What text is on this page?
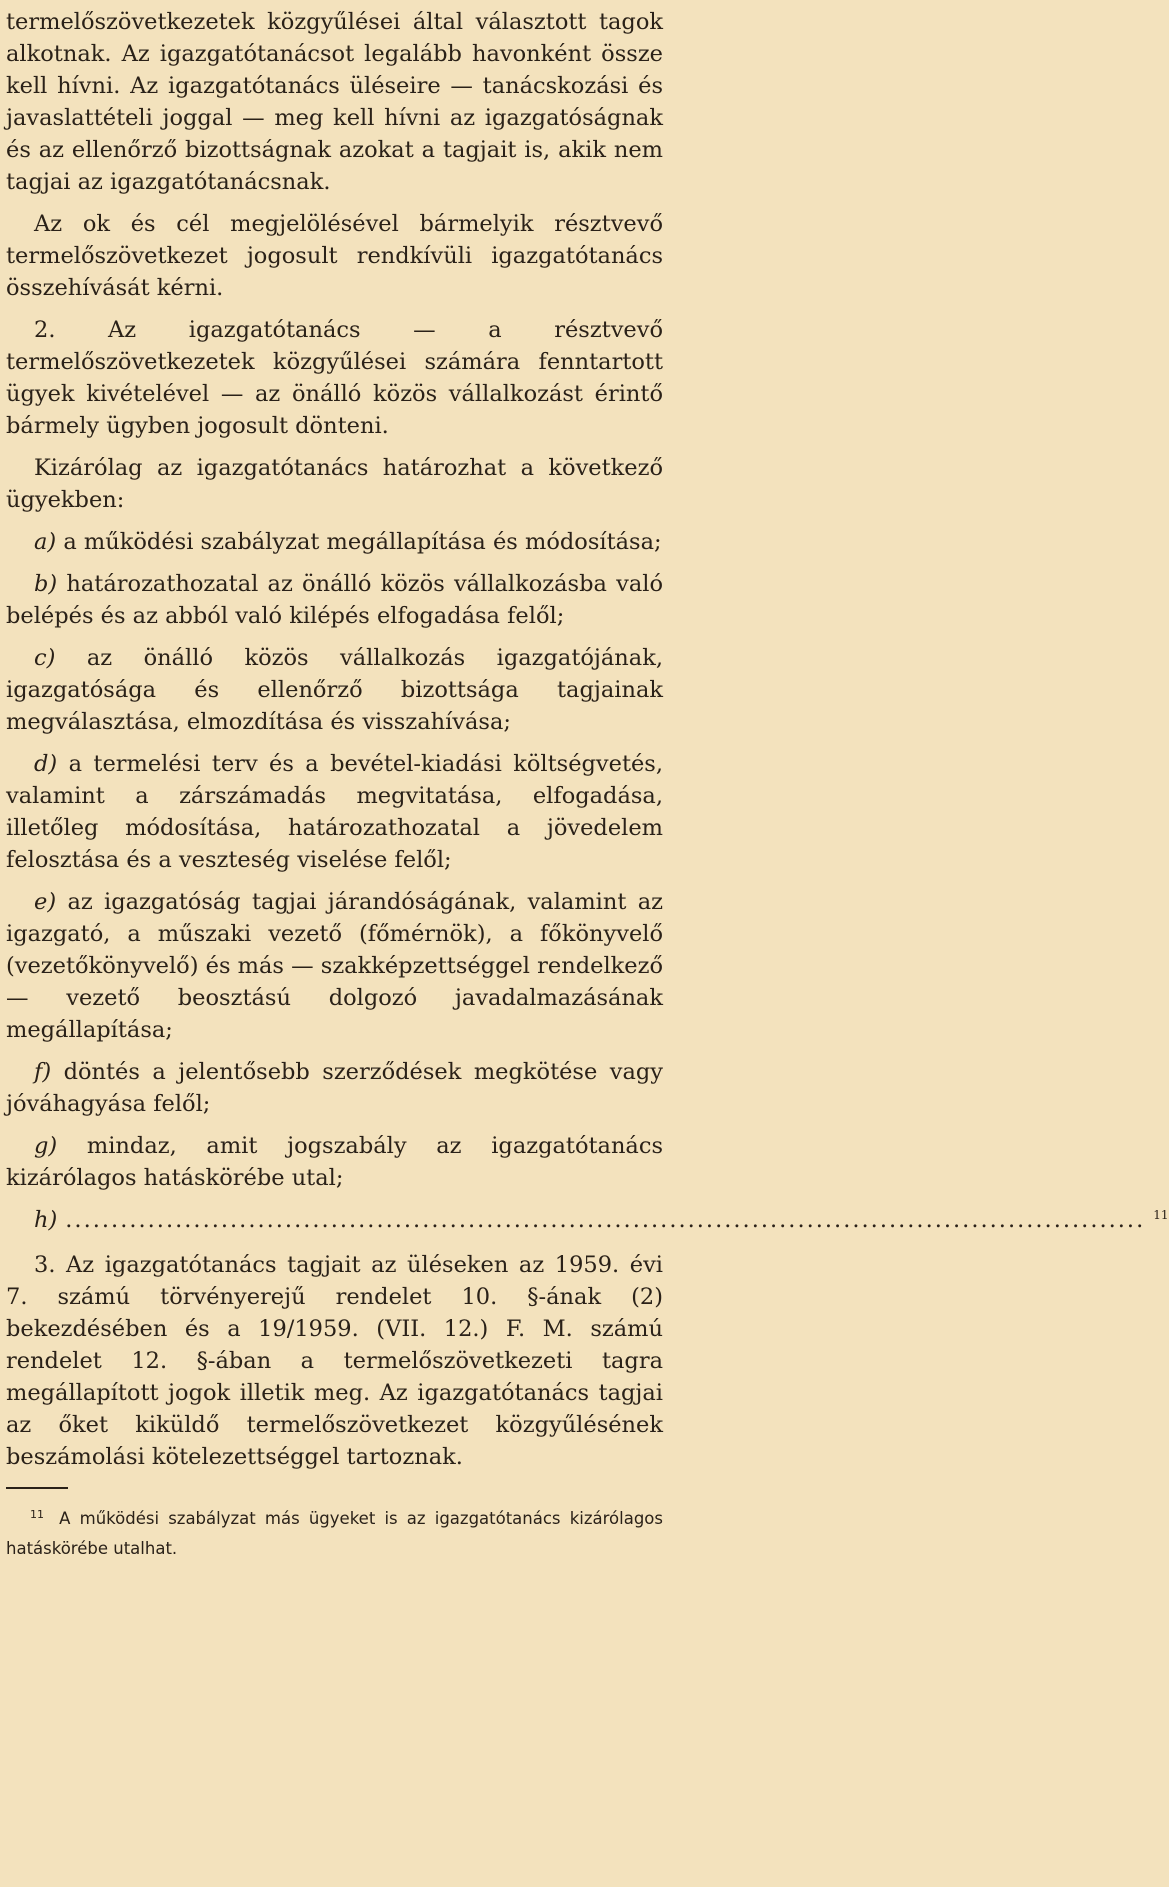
termelőszövetkezetek közgyűlései által választott tagok alkotnak. Az igazgatótanácsot legalább havonként össze kell hívni. Az igazgatótanács üléseire — tanácskozási és javaslattételi joggal — meg kell hívni az igazgatóságnak és az ellenőrző bizottságnak azokat a tagjait is, akik nem tagjai az igazgatótanácsnak.

Az ok és cél megjelölésével bármelyik résztvevő termelőszövetkezet jogosult rendkívüli igazgatótanács összehívását kérni.

2. Az igazgatótanács — a résztvevő termelőszövetkezetek közgyűlései számára fenntartott ügyek kivételével — az önálló közös vállalkozást érintő bármely ügyben jogosult dönteni.

Kizárólag az igazgatótanács határozhat a következő ügyekben:

a) a működési szabályzat megállapítása és módosítása;

b) határozathozatal az önálló közös vállalkozásba való belépés és az abból való kilépés elfogadása felől;

c) az önálló közös vállalkozás igazgatójának, igazgatósága és ellenőrző bizottsága tagjainak megválasztása, elmozdítása és visszahívása;

d) a termelési terv és a bevétel-kiadási költségvetés, valamint a zárszámadás megvitatása, elfogadása, illetőleg módosítása, határozathozatal a jövedelem felosztása és a veszteség viselése felől;

e) az igazgatóság tagjai járandóságának, valamint az igazgató, a műszaki vezető (főmérnök), a főkönyvelő (vezetőkönyvelő) és más — szakképzettséggel rendelkező — vezető beosztású dolgozó javadalmazásának megállapítása;

f) döntés a jelentősebb szerződések megkötése vagy jóváhagyása felől;

g) mindaz, amit jogszabály az igazgatótanács kizárólagos hatáskörébe utal;

h) ...................................................................................................................... 11

3. Az igazgatótanács tagjait az üléseken az 1959. évi 7. számú törvényerejű rendelet 10. §-ának (2) bekezdésében és a 19/1959. (VII. 12.) F. M. számú rendelet 12. §-ában a termelőszövetkezeti tagra megállapított jogok illetik meg. Az igazgatótanács tagjai az őket kiküldő termelőszövetkezet közgyűlésének beszámolási kötelezettséggel tartoznak.

$^{11}$ A működési szabályzat más ügyeket is az igazgatótanács kizárólagos hatáskörébe utalhat.
